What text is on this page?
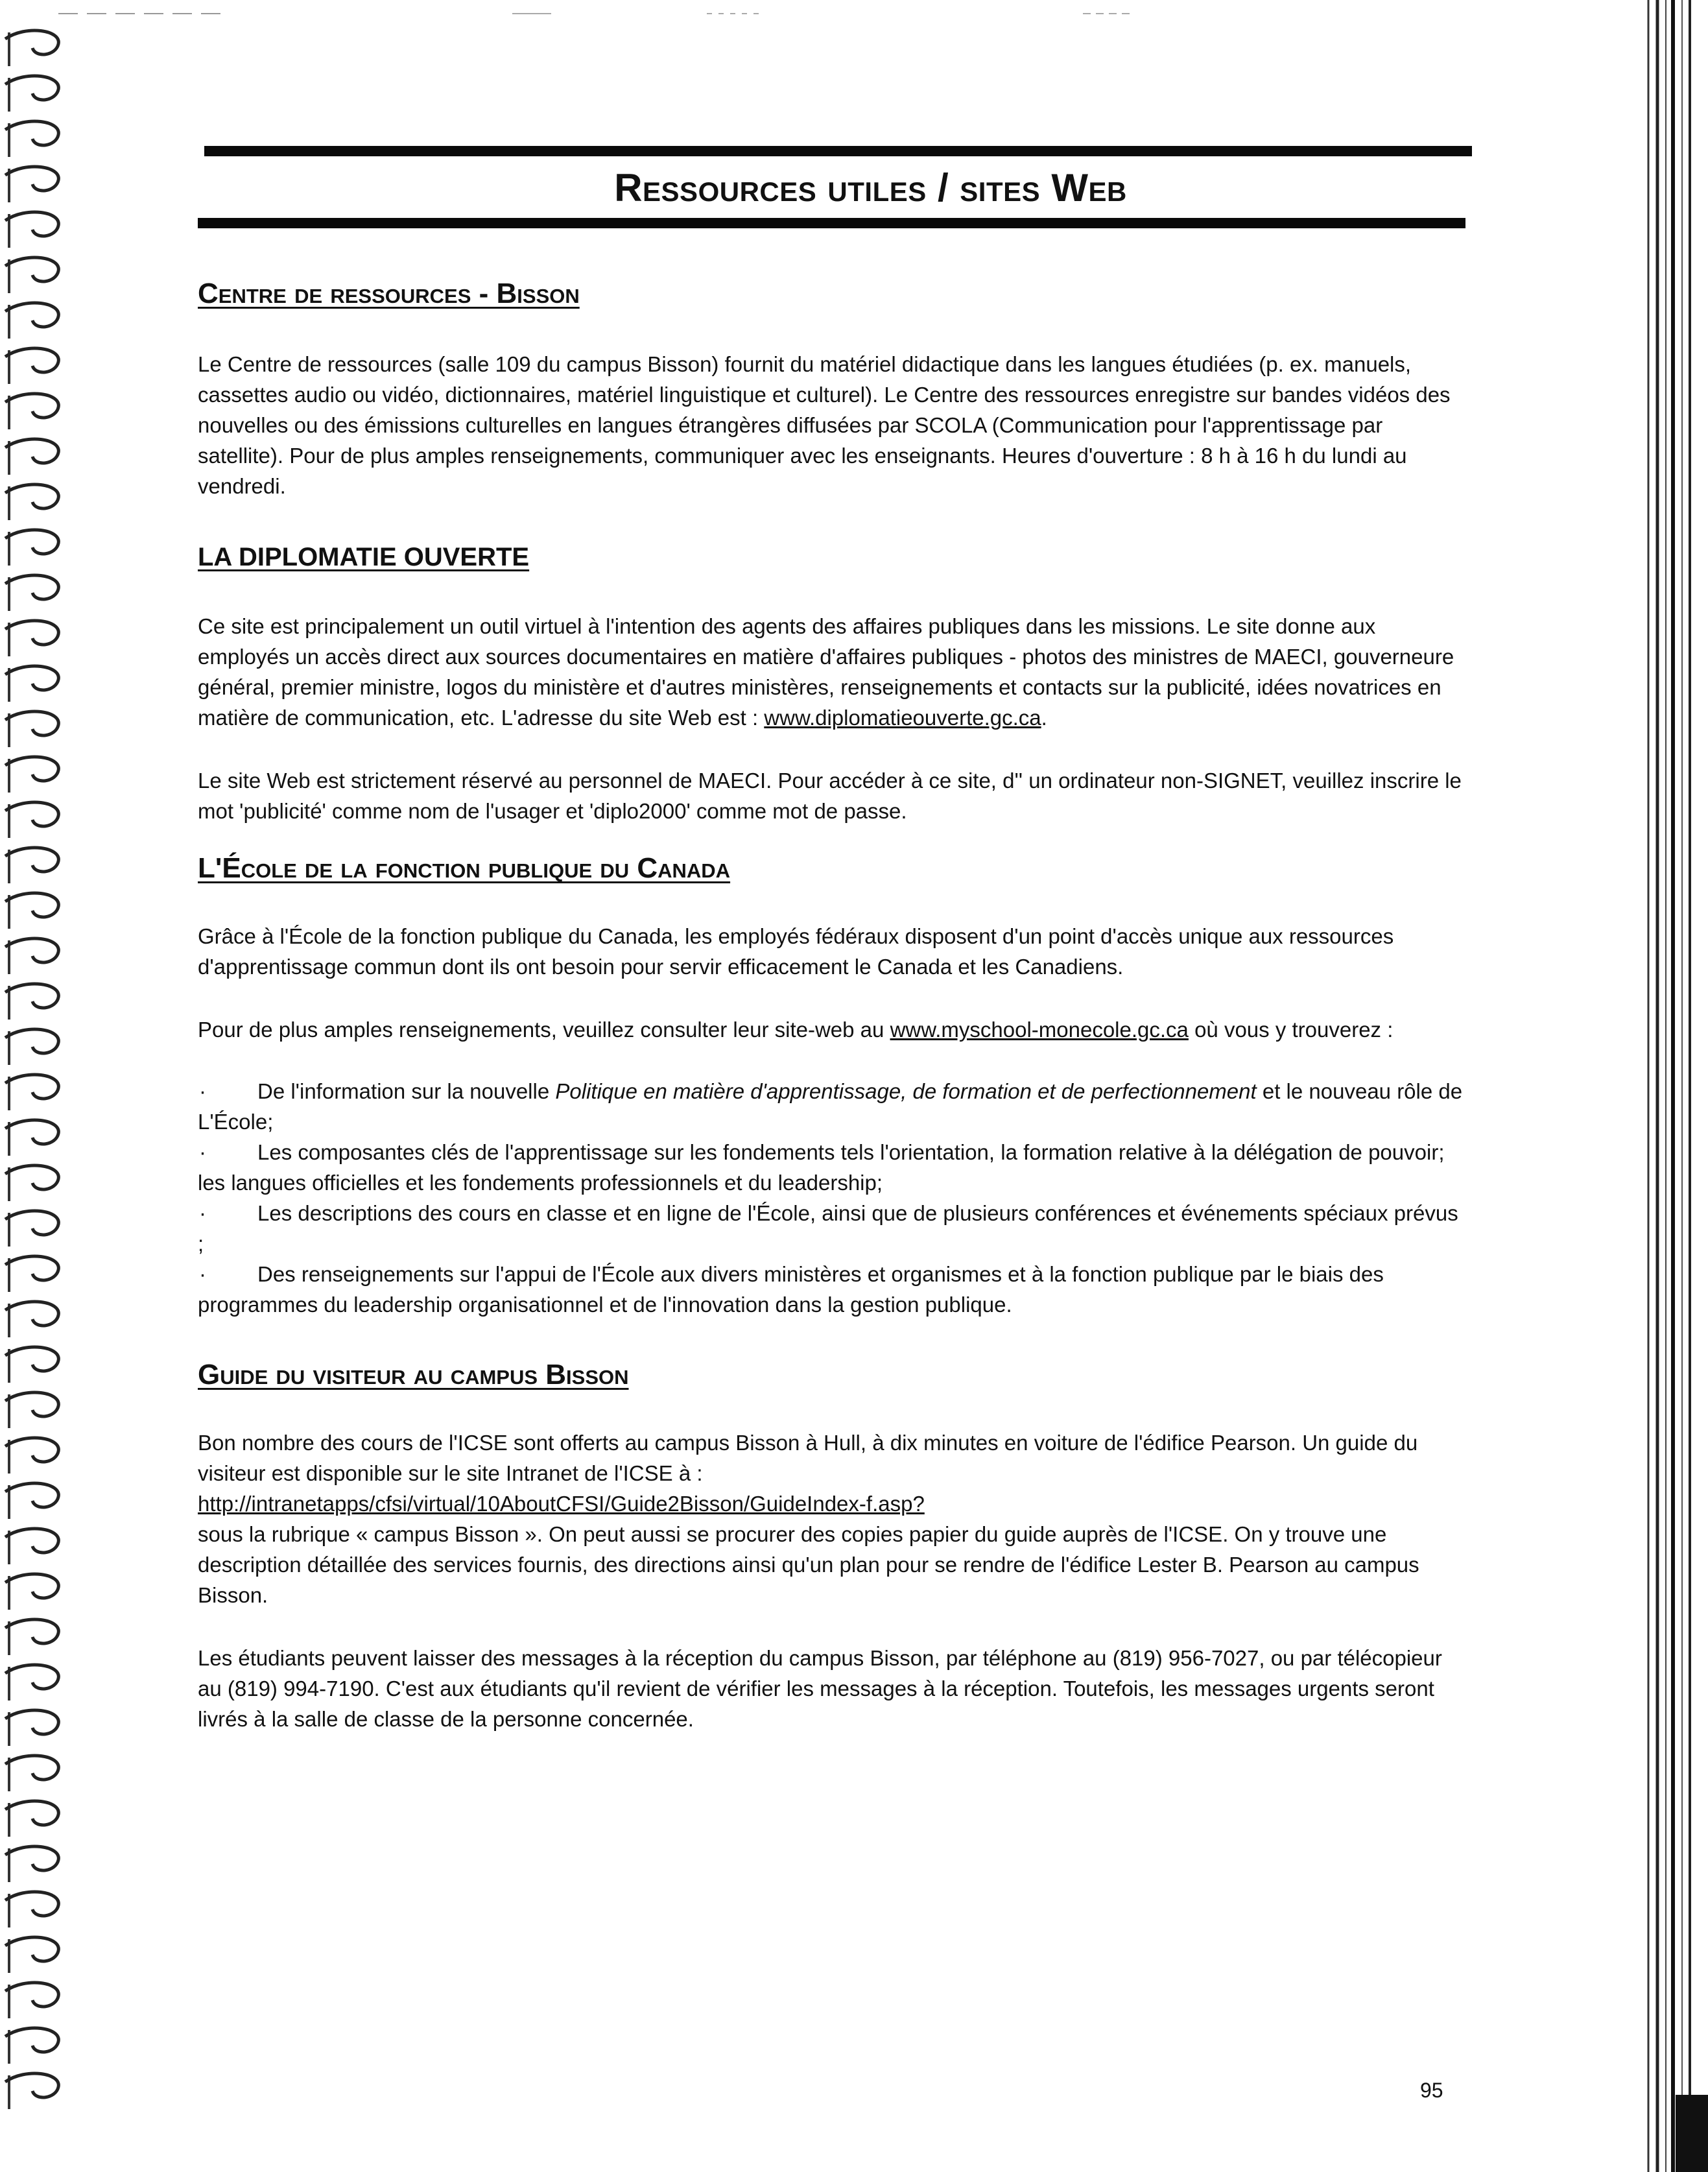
Ressources utiles / sites Web
Centre de ressources - Bisson

Le Centre de ressources (salle 109 du campus Bisson) fournit du matériel didactique dans les langues étudiées (p. ex. manuels, cassettes audio ou vidéo, dictionnaires, matériel linguistique et culturel). Le Centre des ressources enregistre sur bandes vidéos des nouvelles ou des émissions culturelles en langues étrangères diffusées par SCOLA (Communication pour l'apprentissage par satellite). Pour de plus amples renseignements, communiquer avec les enseignants. Heures d'ouverture : 8 h à 16 h du lundi au vendredi.

LA DIPLOMATIE OUVERTE

Ce site est principalement un outil virtuel à l'intention des agents des affaires publiques dans les missions. Le site donne aux employés un accès direct aux sources documentaires en matière d'affaires publiques - photos des ministres de MAECI, gouverneure général, premier ministre, logos du ministère et d'autres ministères, renseignements et contacts sur la publicité, idées novatrices en matière de communication, etc. L'adresse du site Web est : www.diplomatieouverte.gc.ca.

Le site Web est strictement réservé au personnel de MAECI. Pour accéder à ce site, d'' un ordinateur non-SIGNET, veuillez inscrire le mot 'publicité' comme nom de l'usager et 'diplo2000' comme mot de passe.

L'École de la fonction publique du Canada

Grâce à l'École de la fonction publique du Canada, les employés fédéraux disposent d'un point d'accès unique aux ressources d'apprentissage commun dont ils ont besoin pour servir efficacement le Canada et les Canadiens.

Pour de plus amples renseignements, veuillez consulter leur site-web au www.myschool-monecole.gc.ca où vous y trouverez :

· De l'information sur la nouvelle Politique en matière d'apprentissage, de formation et de perfectionnement et le nouveau rôle de L'École;

· Les composantes clés de l'apprentissage sur les fondements tels l'orientation, la formation relative à la délégation de pouvoir; les langues officielles et les fondements professionnels et du leadership;

· Les descriptions des cours en classe et en ligne de l'École, ainsi que de plusieurs conférences et événements spéciaux prévus ;

· Des renseignements sur l'appui de l'École aux divers ministères et organismes et à la fonction publique par le biais des programmes du leadership organisationnel et de l'innovation dans la gestion publique.

Guide du visiteur au campus Bisson

Bon nombre des cours de l'ICSE sont offerts au campus Bisson à Hull, à dix minutes en voiture de l'édifice Pearson. Un guide du visiteur est disponible sur le site Intranet de l'ICSE à :
http://intranetapps/cfsi/virtual/10AboutCFSI/Guide2Bisson/GuideIndex-f.asp?
sous la rubrique « campus Bisson ». On peut aussi se procurer des copies papier du guide auprès de l'ICSE. On y trouve une description détaillée des services fournis, des directions ainsi qu'un plan pour se rendre de l'édifice Lester B. Pearson au campus Bisson.

Les étudiants peuvent laisser des messages à la réception du campus Bisson, par téléphone au (819) 956-7027, ou par télécopieur au (819) 994-7190. C'est aux étudiants qu'il revient de vérifier les messages à la réception. Toutefois, les messages urgents seront livrés à la salle de classe de la personne concernée.

95
